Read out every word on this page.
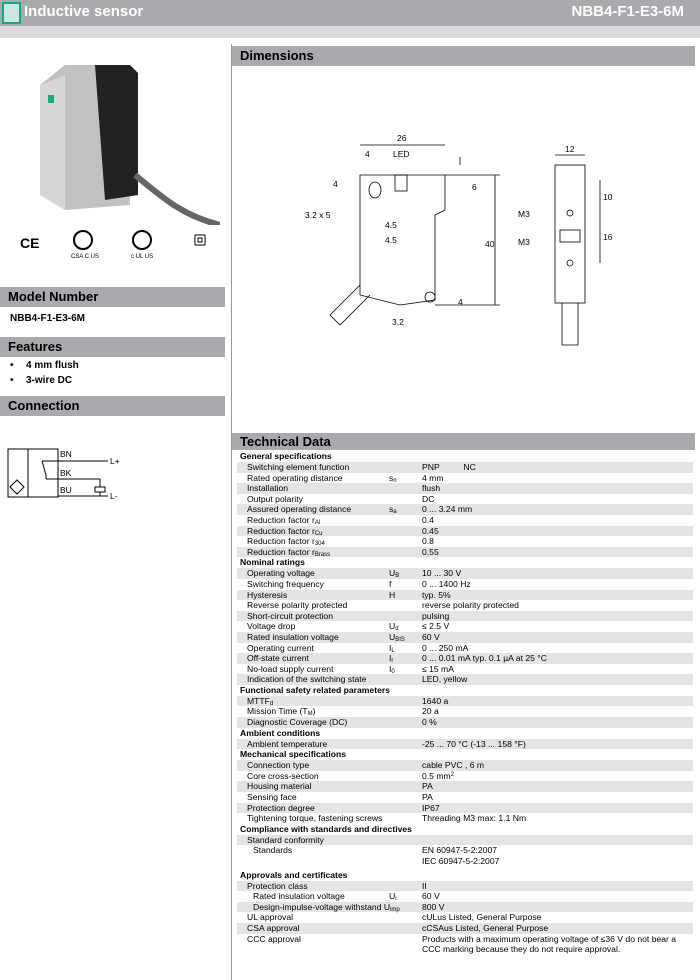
Inductive sensor	NBB4-F1-E3-6M
CE
CSA C US	c UL US
Model Number
NBB4-F1-E3-6M
Features
• 4 mm flush
• 3-wire DC
Connection
BN
BK
BU
L+
L-
Dimensions
26
4	LED
4	6
3.2 x 5
4.5
4.5	40
4
3.2
12
10
16
M3
M3
Technical Data
General specifications
Switching element function	PNP          NC
Rated operating distance	$s_n$	4 mm
Installation	flush
Output polarity	DC
Assured operating distance	$s_a$	0 ... 3.24 mm
Reduction factor $r_{Al}$	0.4
Reduction factor $r_{Cu}$	0.45
Reduction factor $r_{304}$	0.8
Reduction factor $r_{Brass}$	0.55
Nominal ratings
Operating voltage	$U_B$	10 ... 30 V
Switching frequency	f	0 ... 1400 Hz
Hysteresis	H	typ. 5%
Reverse polarity protected	reverse polarity protected
Short-circuit protection	pulsing
Voltage drop	$U_d$	≤ 2.5 V
Rated insulation voltage	$U_{BIS}$	60 V
Operating current	$I_L$	0 ... 250 mA
Off-state current	$I_r$	0 ... 0.01 mA typ. 0.1 µA at 25 °C
No-load supply current	$I_0$	≤ 15 mA
Indication of the switching state	LED, yellow
Functional safety related parameters
$MTTF_d$	1640 a
Mission Time $(T_M)$	20 a
Diagnostic Coverage (DC)	0 %
Ambient conditions
Ambient temperature	-25 ... 70 °C (-13 ... 158 °F)
Mechanical specifications
Connection type	cable PVC , 6 m
Core cross-section	0.5 $mm^2$
Housing material	PA
Sensing face	PA
Protection degree	IP67
Tightening torque, fastening screws	Threading M3 max: 1.1 Nm
Compliance with standards and directives
Standard conformity
Standards	EN 60947-5-2:2007
IEC 60947-5-2:2007
Approvals and certificates
Protection class	II
Rated insulation voltage	$U_i$	60 V
Design-impulse-voltage withstand $U_{imp}$	800 V
UL approval	cULus Listed, General Purpose
CSA approval	cCSAus Listed, General Purpose
CCC approval	Products with a maximum operating voltage of ≤36 V do not bear a
CCC marking because they do not require approval.
